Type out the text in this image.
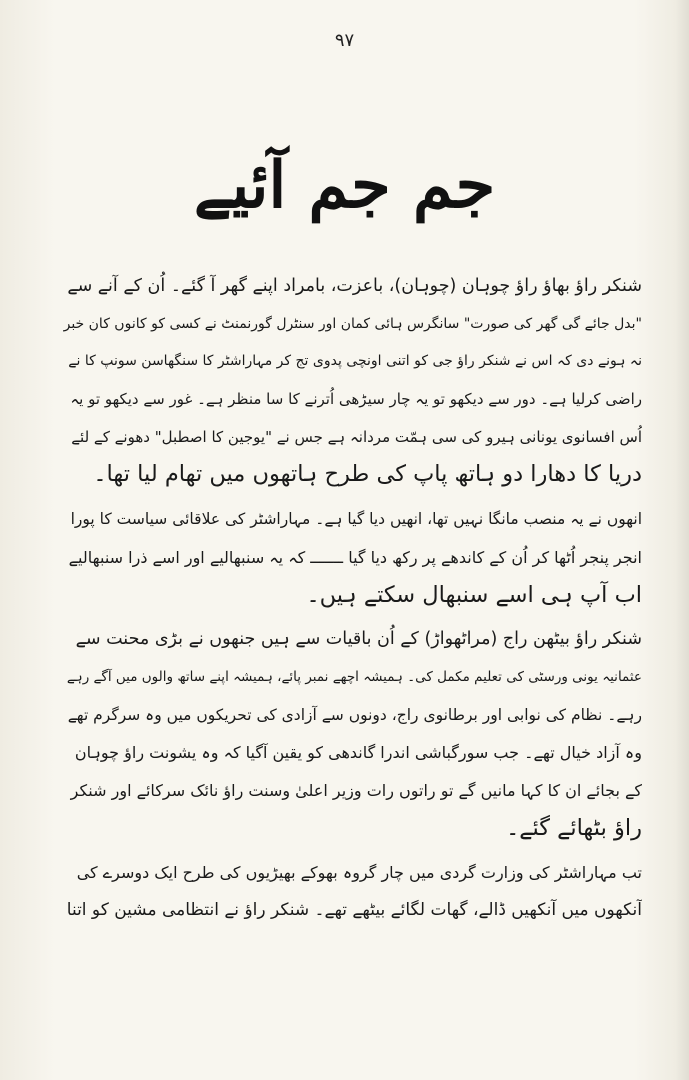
۹۷
جم جم آئیے
شنکر راؤ بھاؤ راؤ چوہان (چوہان)، باعزت، بامراد اپنے گھر آ گئے۔ اُن کے آنے سے
"بدل جائے گی گھر کی صورت" سانگرس ہائی کمان اور سنٹرل گورنمنٹ نے کسی کو کانوں کان خبر
نہ ہونے دی کہ اس نے شنکر راؤ جی کو اتنی اونچی پدوی تج کر مہاراشٹر کا سنگھاسن سونپ کا نے
راضی کرلیا ہے۔ دور سے دیکھو تو یہ چار سیڑھی اُترنے کا سا منظر ہے۔ غور سے دیکھو تو یہ
اُس افسانوی یونانی ہیرو کی سی ہمّت مردانہ ہے جس نے "یوجین کا اصطبل" دھونے کے لئے
دریا کا دھارا دو ہاتھ پاپ کی طرح ہاتھوں میں تھام لیا تھا۔
انھوں نے یہ منصب مانگا نہیں تھا، انھیں دیا گیا ہے۔ مہاراشٹر کی علاقائی سیاست کا پورا
انجر پنجر اُٹھا کر اُن کے کاندھے پر رکھ دیا گیا ـــــــ کہ یہ سنبھالیے اور اسے ذرا سنبھالیے
اب آپ ہی اسے سنبھال سکتے ہیں۔
شنکر راؤ بیٹھن راج (مراٹھواڑ) کے اُن باقیات سے ہیں جنھوں نے بڑی محنت سے
عثمانیہ یونی ورسٹی کی تعلیم مکمل کی۔ ہمیشہ اچھے نمبر پائے، ہمیشہ اپنے ساتھ والوں میں آگے رہے
رہے۔ نظام کی نوابی اور برطانوی راج، دونوں سے آزادی کی تحریکوں میں وہ سرگرم تھے
وہ آزاد خیال تھے۔ جب سورگباشی اندرا گاندھی کو یقین آگیا کہ وہ یشونت راؤ چوہان
کے بجائے ان کا کہا مانیں گے تو راتوں رات وزیر اعلیٰ وسنت راؤ نائک سرکائے اور شنکر
راؤ بٹھائے گئے۔
تب مہاراشٹر کی وزارت گردی میں چار گروہ بھوکے بھیڑیوں کی طرح ایک دوسرے کی
آنکھوں میں آنکھیں ڈالے، گھات لگائے بیٹھے تھے۔ شنکر راؤ نے انتظامی مشین کو اتنا
